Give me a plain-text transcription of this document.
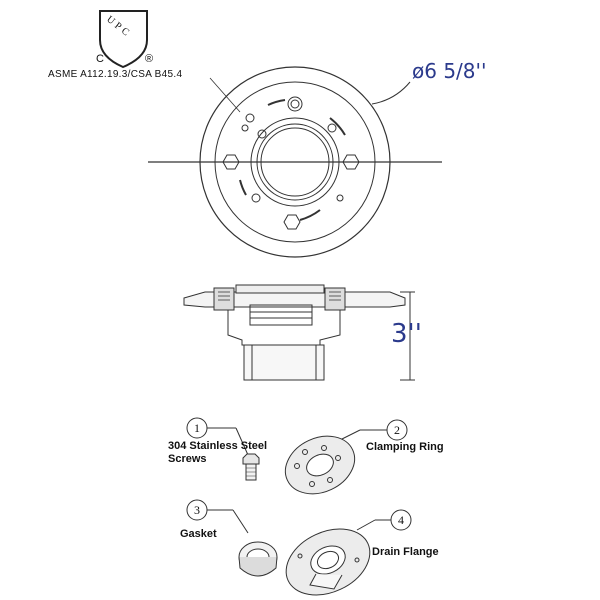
UPC
C	®
ASME A112.19.3/CSA B45.4	ø6 5/8''
3''
1
304 Stainless Steel
Screws
2
Clamping Ring
3
Gasket
4
Drain Flange
